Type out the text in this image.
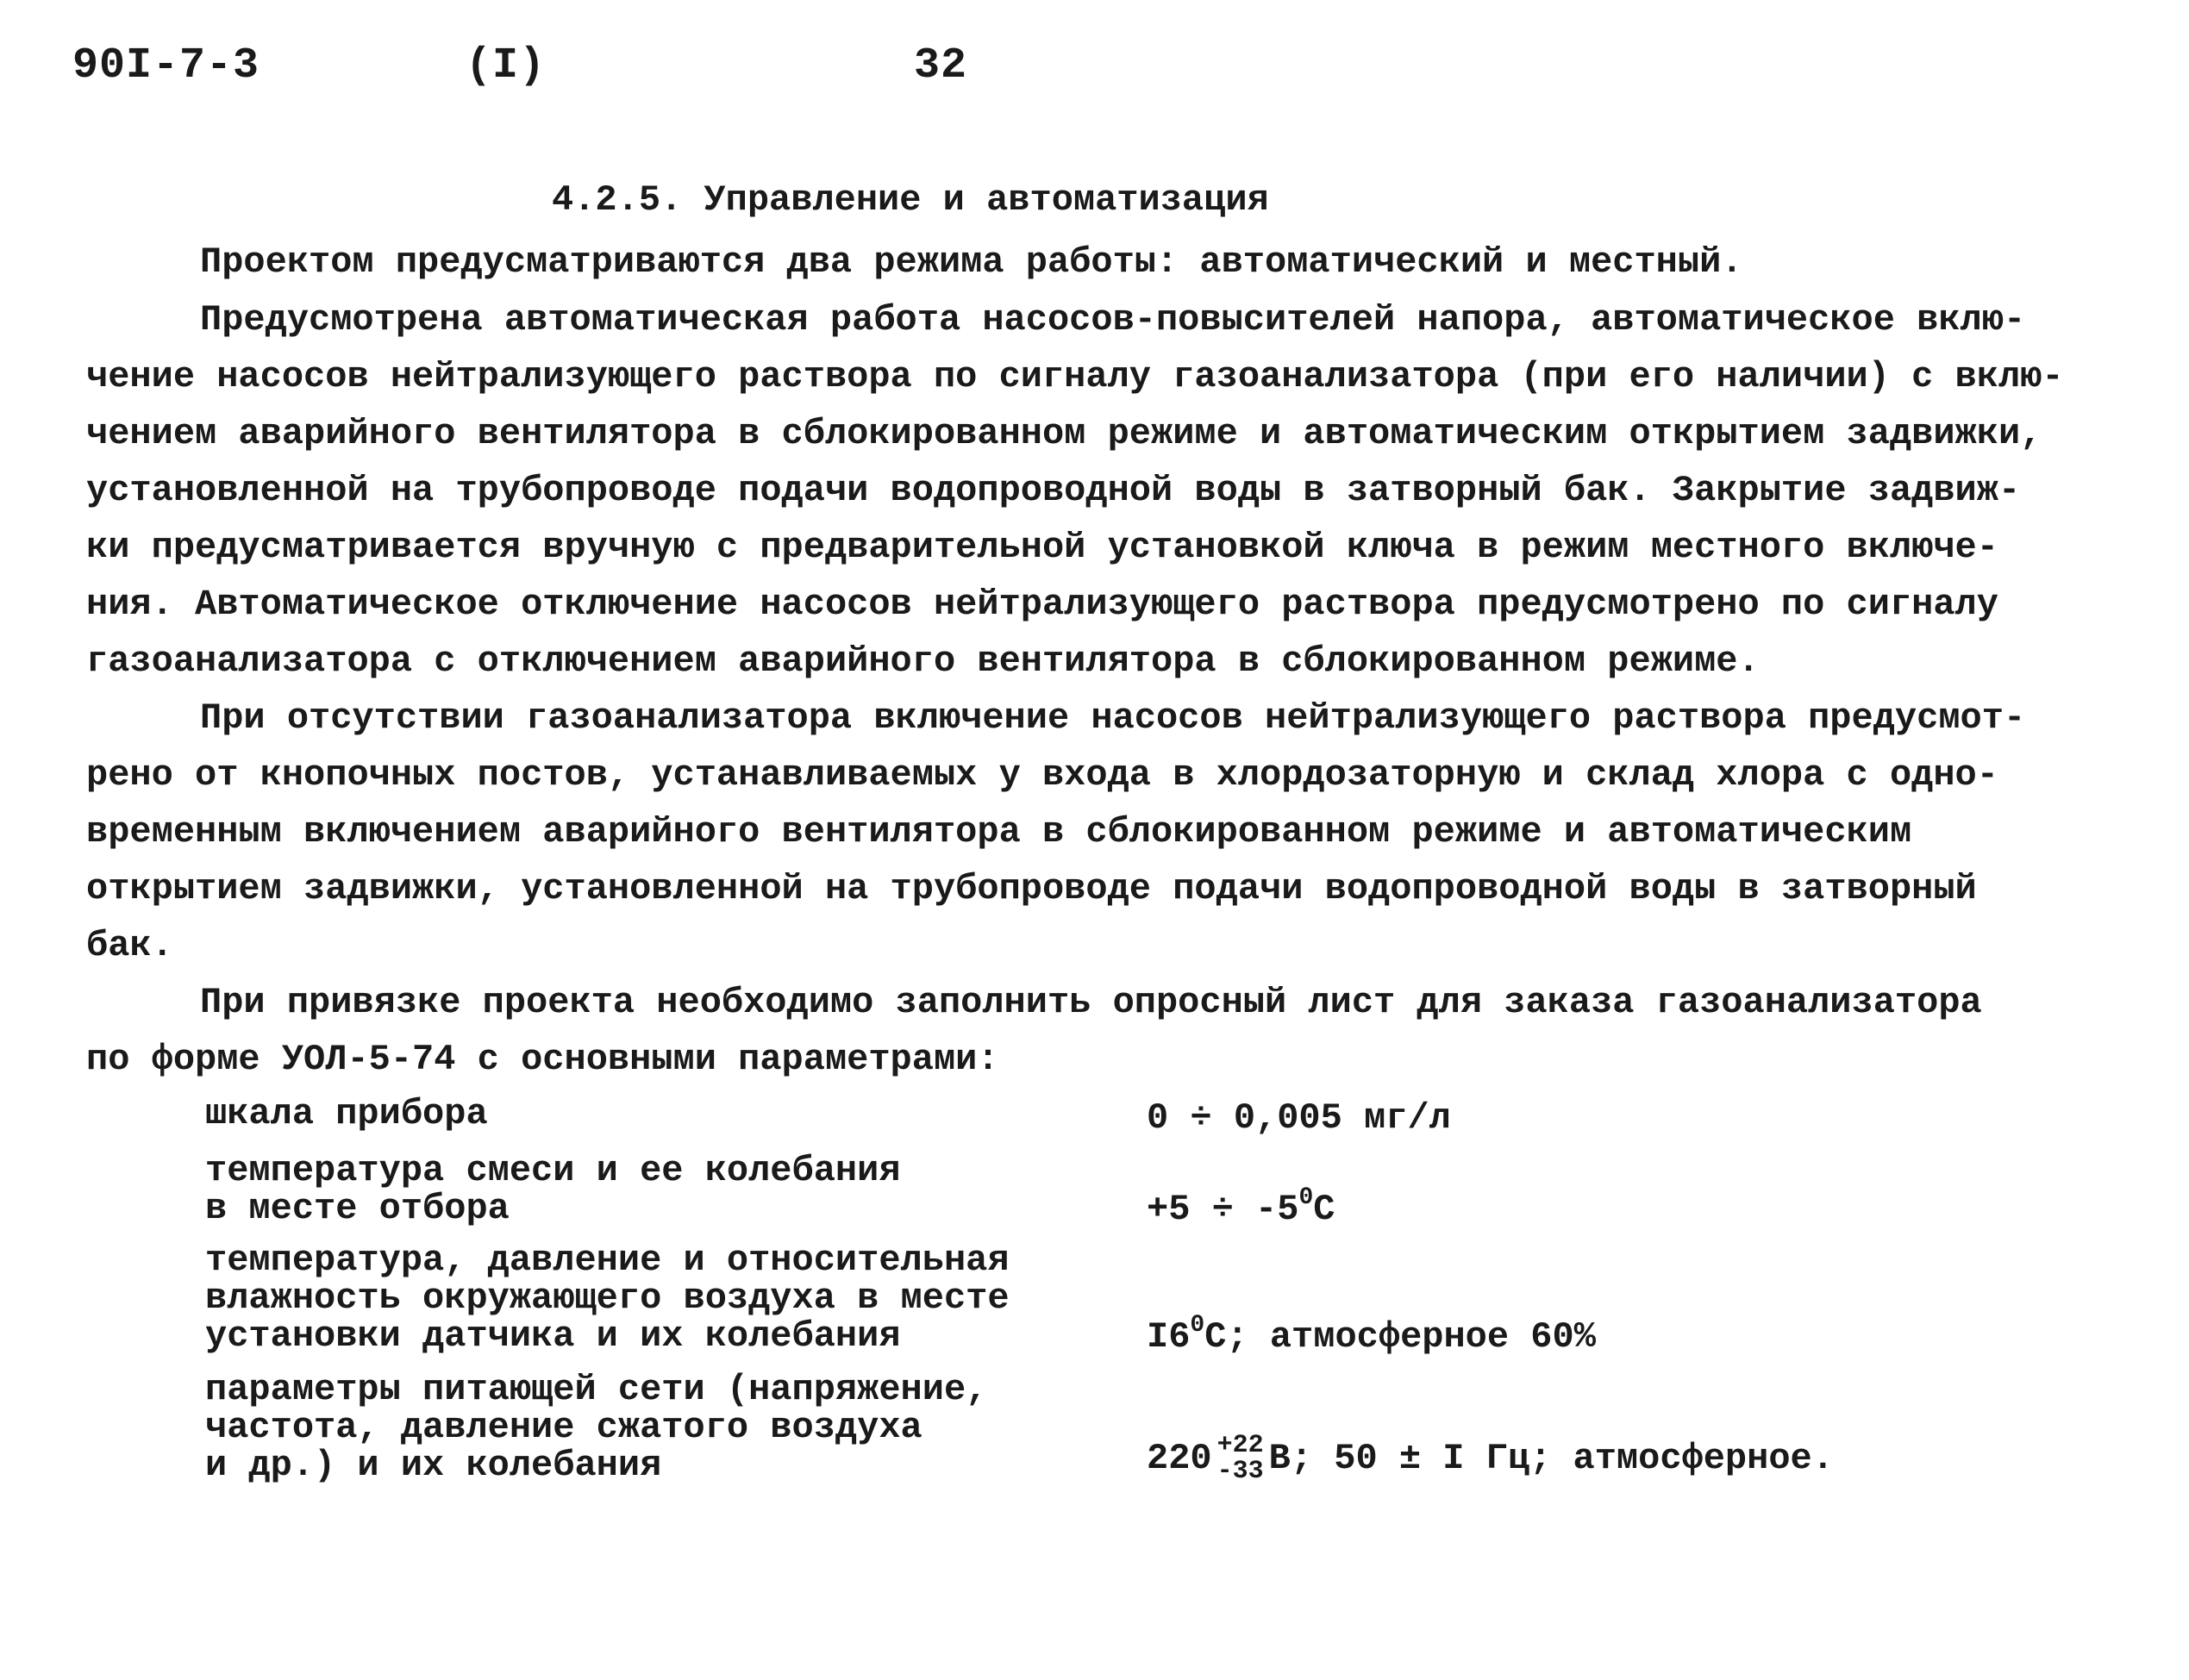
90I-7-3	(I)	32
4.2.5. Управление и автоматизация
Проектом предусматриваются два режима работы: автоматический и местный.
Предусмотрена автоматическая работа насосов-повысителей напора, автоматическое вклю-
чение насосов нейтрализующего раствора по сигналу газоанализатора (при его наличии) с вклю-
чением аварийного вентилятора в сблокированном режиме и автоматическим открытием задвижки,
установленной на трубопроводе подачи водопроводной воды в затворный бак. Закрытие задвиж-
ки предусматривается вручную с предварительной установкой ключа в режим местного включе-
ния. Автоматическое отключение насосов нейтрализующего раствора предусмотрено по сигналу
газоанализатора с отключением аварийного вентилятора в сблокированном режиме.
При отсутствии газоанализатора включение насосов нейтрализующего раствора предусмот-
рено от кнопочных постов, устанавливаемых у входа в хлордозаторную и склад хлора с одно-
временным включением аварийного вентилятора в сблокированном режиме и автоматическим
открытием задвижки, установленной на трубопроводе подачи водопроводной воды в затворный
бак.
При привязке проекта необходимо заполнить опросный лист для заказа газоанализатора
по форме УОЛ-5-74 с основными параметрами:
шкала прибора	0 ÷ 0,005 мг/л
температура смеси и ее колебания
в месте отбора	$+5 \div -5^0С$
температура, давление и относительная
влажность окружающего воздуха в месте
установки датчика и их колебания	$I6^0С$; атмосферное 60%
параметры питающей сети (напряжение,
частота, давление сжатого воздуха
и др.) и их колебания	220 +22
-33 В; 50 ± I Гц; атмосферное.
